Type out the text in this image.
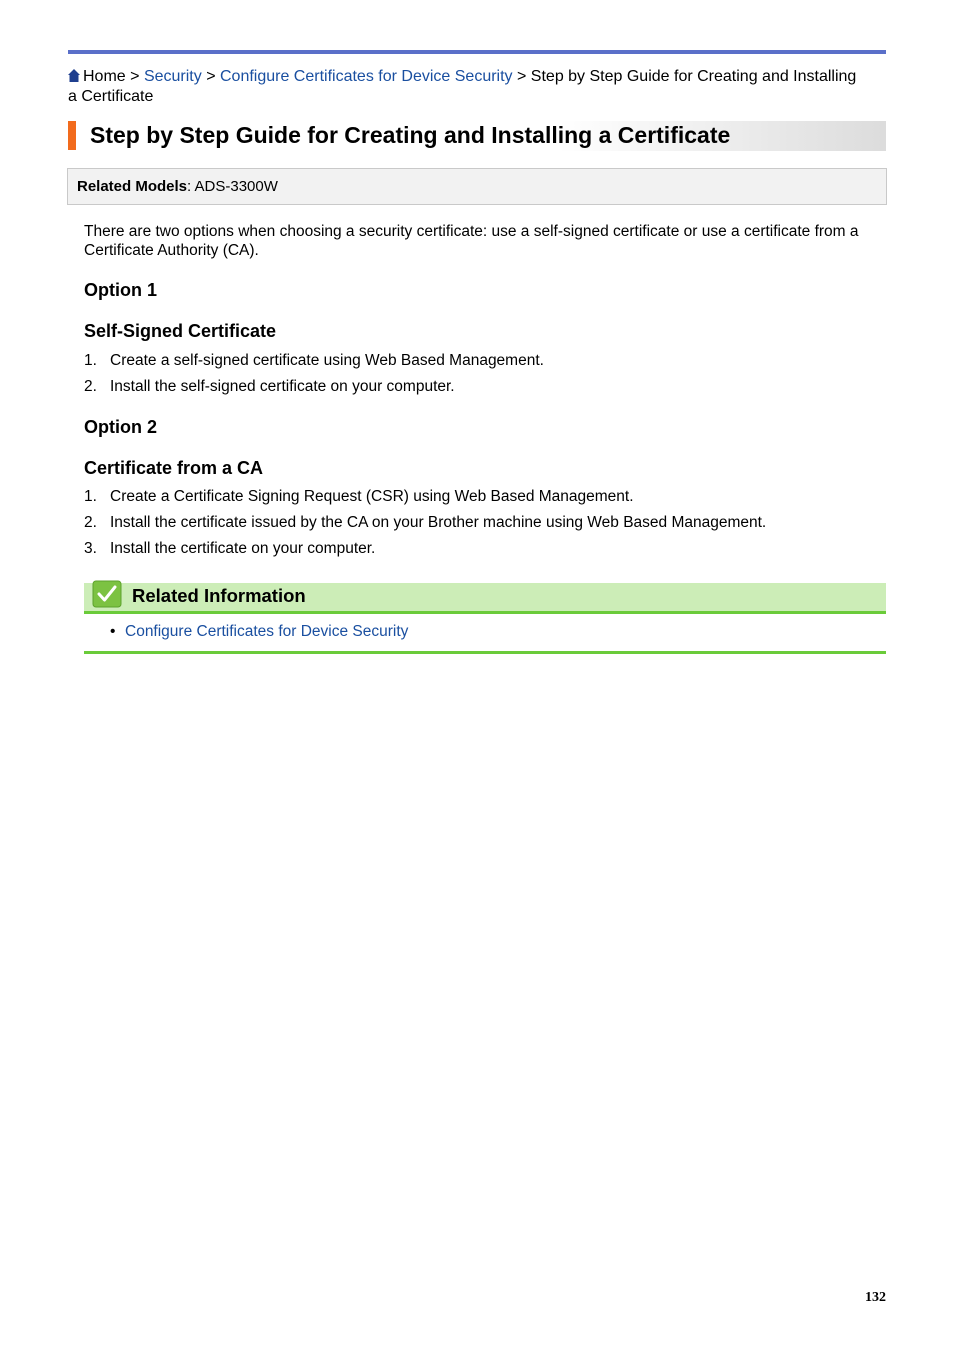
Home > Security > Configure Certificates for Device Security > Step by Step Guide for Creating and Installing a Certificate
Step by Step Guide for Creating and Installing a Certificate
Related Models: ADS-3300W
There are two options when choosing a security certificate: use a self-signed certificate or use a certificate from a Certificate Authority (CA).
Option 1
Self-Signed Certificate
1. Create a self-signed certificate using Web Based Management.
2. Install the self-signed certificate on your computer.
Option 2
Certificate from a CA
1. Create a Certificate Signing Request (CSR) using Web Based Management.
2. Install the certificate issued by the CA on your Brother machine using Web Based Management.
3. Install the certificate on your computer.
Related Information
• Configure Certificates for Device Security
132
